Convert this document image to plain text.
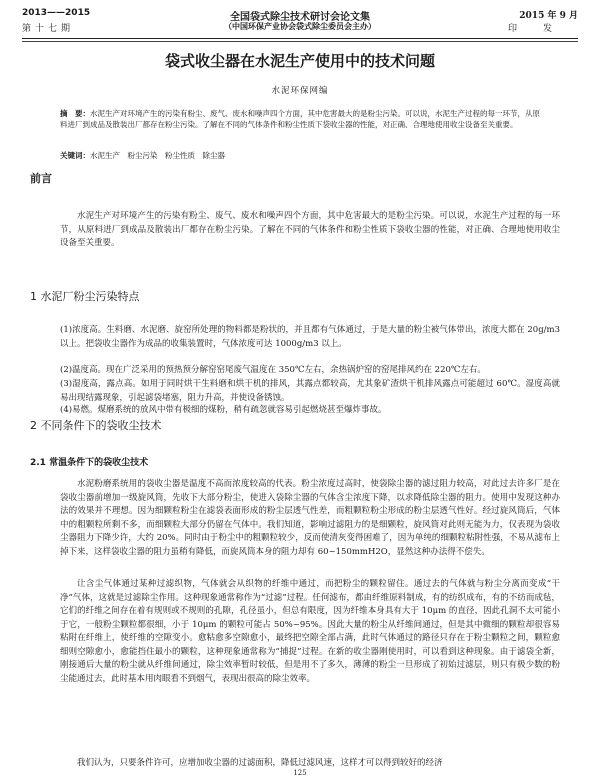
2013——2015
第十七期
全国袋式除尘技术研讨会论文集
（中国环保产业协会袋式除尘委员会主办）
2015 年 9 月
印发
袋式收尘器在水泥生产使用中的技术问题
水泥环保网编
摘　要：水泥生产对环境产生的污染有粉尘、废气、废水和噪声四个方面，其中危害最大的是粉尘污染。可以说，水泥生产过程的每一环节，从原料进厂到成品及散装出厂都存在粉尘污染。了解在不同的气体条件和粉尘性质下袋收尘器的性能，对正确、合理地使用收尘设备至关重要。
关键词：水泥生产　粉尘污染　粉尘性质　除尘器
前言
水泥生产对环境产生的污染有粉尘、废气、废水和噪声四个方面，其中危害最大的是粉尘污染。可以说，水泥生产过程的每一环节，从原料进厂到成品及散装出厂都存在粉尘污染。了解在不同的气体条件和粉尘性质下袋收尘器的性能，对正确、合理地使用收尘设备至关重要。
1 水泥厂粉尘污染特点
(1)浓度高。生料磨、水泥磨、旋窑所处理的物料都是粉状的，并且都有气体通过，于是大量的粉尘被气体带出，浓度大都在 20g/m3 以上。把袋收尘器作为成品的收集装置时，气体浓度可达 1000g/m3 以上。
(2)温度高。现在广泛采用的预热预分解窑窑尾废气温度在 350℃左右，余热锅炉窑的窑尾排风约在 220℃左右。
(3)湿度高，露点高。如用于同时烘干生料磨和烘干机的排风，其露点都较高，尤其象矿渣烘干机排风露点可能超过 60℃。湿度高就易出现结露现象，引起滤袋堵塞，阻力升高，并使设备锈蚀。
(4)易燃。煤磨系统的放风中带有极细的煤粉，稍有疏忽就容易引起燃烧甚至爆炸事故。
2 不同条件下的袋收尘技术
2.1 常温条件下的袋收尘技术
水泥粉磨系统用的袋收尘器是温度不高而浓度较高的代表。粉尘浓度过高时，使袋除尘器的滤过阻力较高，对此过去许多厂是在袋收尘器前增加一级旋风筒，先收下大部分粉尘，使进入袋除尘器的气体含尘浓度下降，以求降低除尘器的阻力。使用中发现这种办法的效果并不理想。因为细颗粒粉尘在滤袋表面形成的粉尘层透气性差，而粗颗粒粉尘形成的粉尘层透气性好。经过旋风筒后，气体中的粗颗粒所剩不多，而细颗粒大部分仍留在气体中。我们知道，影响过滤阻力的是细颗粒，旋风筒对此则无能为力，仅表现为袋收尘器阻力下降少许，大约 20%。同时由于粉尘中的粗颗粒较少，反而使清灰变得困难了，因为单纯的细颗粒粘附性强，不易从滤布上掉下来，这样袋收尘器的阻力虽稍有降低，而旋风筒本身的阻力却有 60~150mmH2O，显然这种办法得不偿失。
让含尘气体通过某种过滤织物，气体就会从织物的纤维中通过，而把粉尘的颗粒留住。通过去的气体就与粉尘分离而变成“干净”气体，这就是过滤除尘作用。这种现象通常称作为“过滤”过程。任何滤布，都由纤维原料制成，有的纺织成布，有的不纺而成毡，它们的纤维之间存在着有规则或不规则的孔隙，孔径虽小，但总有限度，因为纤维本身具有大于 10μm 的直径，因此孔洞不太可能小于它，一般粉尘颗粒都很细，小于 10μm 的颗粒可能占 50%~95%。因此大量的粉尘从纤维间通过，但是其中微细的颗粒却很容易粘附在纤维上，使纤维的空隙变小。愈粘愈多空隙愈小，最终把空隙全部占满，此时气体通过的路径只存在于粉尘颗粒之间，颗粒愈细则空隙愈小，愈能挡住最小的颗粒，这种现象通常称为“捕捉”过程。在新的收尘器刚使用时，可以看到这种现象。由于滤袋全新，刚接通后大量的粉尘就从纤维间通过，除尘效率暂时较低，但是用不了多久，薄薄的粉尘一旦形成了初始过滤层，则只有极少数的粉尘能通过去，此时基本用肉眼看不到烟气，表现出很高的除尘效率。
我们认为，只要条件许可，应增加收尘器的过滤面积，降低过滤风速，这样才可以得到较好的经济
125
